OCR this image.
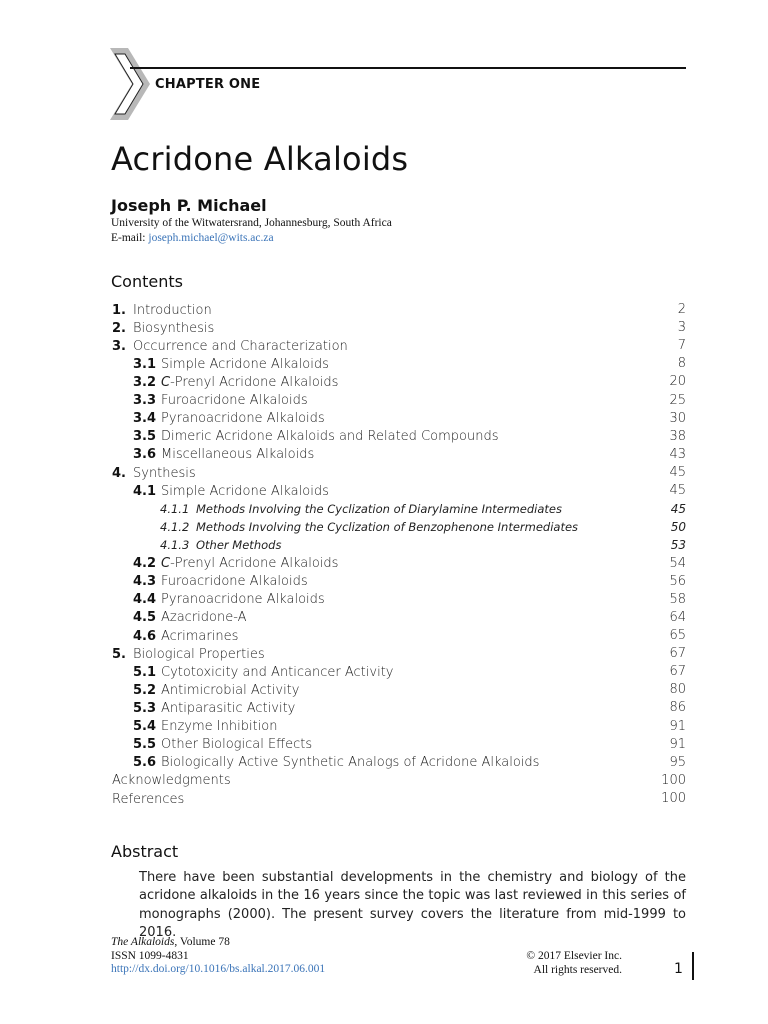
CHAPTER ONE
Acridone Alkaloids
Joseph P. Michael
University of the Witwatersrand, Johannesburg, South Africa
E-mail: joseph.michael@wits.ac.za
Contents
1. Introduction	2
2. Biosynthesis	3
3. Occurrence and Characterization	7
3.1 Simple Acridone Alkaloids	8
3.2 C-Prenyl Acridone Alkaloids	20
3.3 Furoacridone Alkaloids	25
3.4 Pyranoacridone Alkaloids	30
3.5 Dimeric Acridone Alkaloids and Related Compounds	38
3.6 Miscellaneous Alkaloids	43
4. Synthesis	45
4.1 Simple Acridone Alkaloids	45
4.1.1 Methods Involving the Cyclization of Diarylamine Intermediates	45
4.1.2 Methods Involving the Cyclization of Benzophenone Intermediates	50
4.1.3 Other Methods	53
4.2 C-Prenyl Acridone Alkaloids	54
4.3 Furoacridone Alkaloids	56
4.4 Pyranoacridone Alkaloids	58
4.5 Azacridone-A	64
4.6 Acrimarines	65
5. Biological Properties	67
5.1 Cytotoxicity and Anticancer Activity	67
5.2 Antimicrobial Activity	80
5.3 Antiparasitic Activity	86
5.4 Enzyme Inhibition	91
5.5 Other Biological Effects	91
5.6 Biologically Active Synthetic Analogs of Acridone Alkaloids	95
Acknowledgments	100
References	100
Abstract
There have been substantial developments in the chemistry and biology of the acridone alkaloids in the 16 years since the topic was last reviewed in this series of monographs (2000). The present survey covers the literature from mid-1999 to 2016.
The Alkaloids, Volume 78
ISSN 1099-4831
http://dx.doi.org/10.1016/bs.alkal.2017.06.001
© 2017 Elsevier Inc.
All rights reserved.	1
